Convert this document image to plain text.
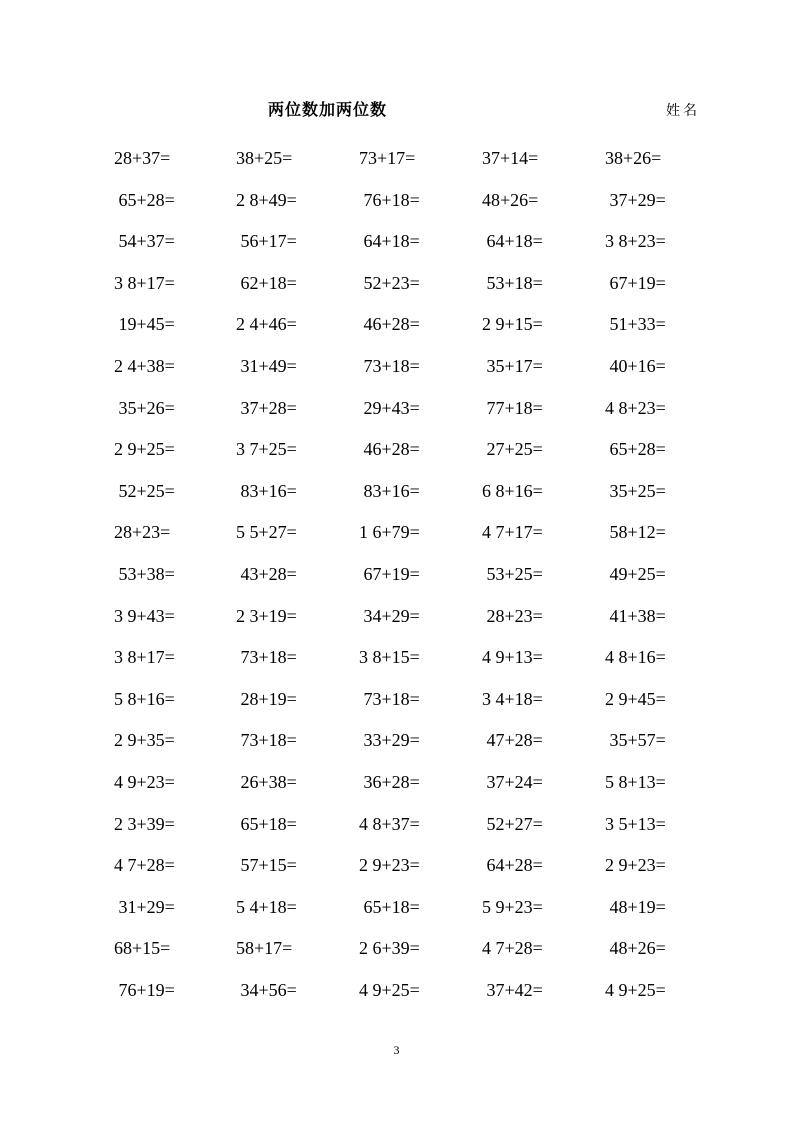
两位数加两位数	姓名
28+37=	38+25=	73+17=	37+14=	38+26=
65+28=	2 8+49=	76+18=	48+26=	37+29=
54+37=	56+17=	64+18=	64+18=	3 8+23=
3 8+17=	62+18=	52+23=	53+18=	67+19=
19+45=	2 4+46=	46+28=	2 9+15=	51+33=
2 4+38=	31+49=	73+18=	35+17=	40+16=
35+26=	37+28=	29+43=	77+18=	4 8+23=
2 9+25=	3 7+25=	46+28=	27+25=	65+28=
52+25=	83+16=	83+16=	6 8+16=	35+25=
28+23=	5 5+27=	1 6+79=	4 7+17=	58+12=
53+38=	43+28=	67+19=	53+25=	49+25=
3 9+43=	2 3+19=	34+29=	28+23=	41+38=
3 8+17=	73+18=	3 8+15=	4 9+13=	4 8+16=
5 8+16=	28+19=	73+18=	3 4+18=	2 9+45=
2 9+35=	73+18=	33+29=	47+28=	35+57=
4 9+23=	26+38=	36+28=	37+24=	5 8+13=
2 3+39=	65+18=	4 8+37=	52+27=	3 5+13=
4 7+28=	57+15=	2 9+23=	64+28=	2 9+23=
31+29=	5 4+18=	65+18=	5 9+23=	48+19=
68+15=	58+17=	2 6+39=	4 7+28=	48+26=
76+19=	34+56=	4 9+25=	37+42=	4 9+25=
3
